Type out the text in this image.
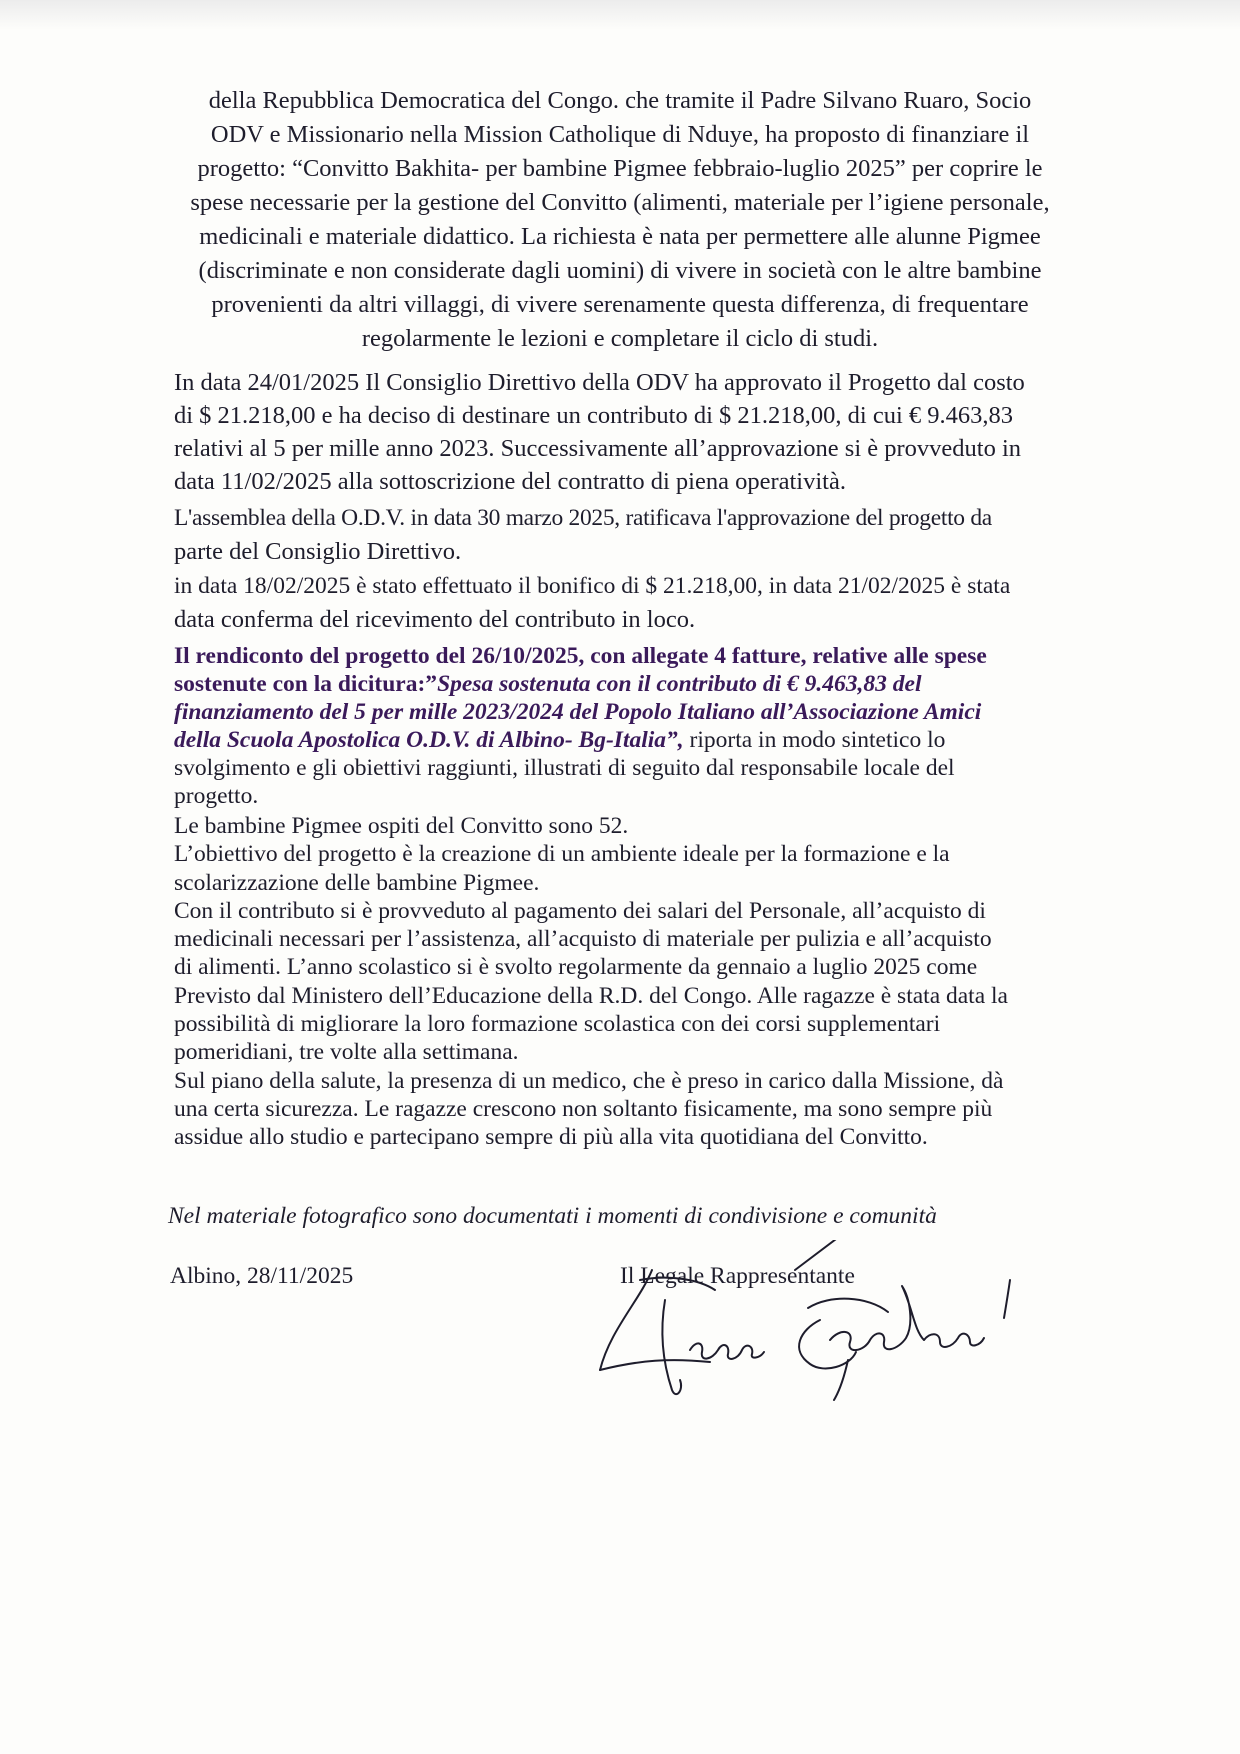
della Repubblica Democratica del Congo. che tramite il Padre Silvano Ruaro, Socio
ODV e Missionario nella Mission Catholique di Nduye, ha proposto di finanziare il
progetto: “Convitto Bakhita- per bambine Pigmee febbraio-luglio 2025” per coprire le
spese necessarie per la gestione del Convitto (alimenti, materiale per l’igiene personale,
medicinali e materiale didattico. La richiesta è nata per permettere alle alunne Pigmee
(discriminate e non considerate dagli uomini) di vivere in società con le altre bambine
provenienti da altri villaggi, di vivere serenamente questa differenza, di frequentare
regolarmente le lezioni e completare il ciclo di studi.
In data 24/01/2025 Il Consiglio Direttivo della ODV ha approvato il Progetto dal costo
di $ 21.218,00 e ha deciso di destinare un contributo di $ 21.218,00, di cui € 9.463,83
relativi al 5 per mille anno 2023. Successivamente all’approvazione si è provveduto in
data 11/02/2025 alla sottoscrizione del contratto di piena operatività.
L'assemblea della O.D.V. in data 30 marzo 2025, ratificava l'approvazione del progetto da
parte del Consiglio Direttivo.
in data 18/02/2025 è stato effettuato il bonifico di $ 21.218,00, in data 21/02/2025 è stata
data conferma del ricevimento del contributo in loco.
Il rendiconto del progetto del 26/10/2025, con allegate 4 fatture, relative alle spese
sostenute con la dicitura:”Spesa sostenuta con il contributo di € 9.463,83 del
finanziamento del 5 per mille 2023/2024 del Popolo Italiano all’Associazione Amici
della Scuola Apostolica O.D.V. di Albino- Bg-Italia”, riporta in modo sintetico lo
svolgimento e gli obiettivi raggiunti, illustrati di seguito dal responsabile locale del
progetto.
Le bambine Pigmee ospiti del Convitto sono 52.
L’obiettivo del progetto è la creazione di un ambiente ideale per la formazione e la
scolarizzazione delle bambine Pigmee.
Con il contributo si è provveduto al pagamento dei salari del Personale, all’acquisto di
medicinali necessari per l’assistenza, all’acquisto di materiale per pulizia e all’acquisto
di alimenti. L’anno scolastico si è svolto regolarmente da gennaio a luglio 2025 come
Previsto dal Ministero dell’Educazione della R.D. del Congo. Alle ragazze è stata data la
possibilità di migliorare la loro formazione scolastica con dei corsi supplementari
pomeridiani, tre volte alla settimana.
Sul piano della salute, la presenza di un medico, che è preso in carico dalla Missione, dà
una certa sicurezza. Le ragazze crescono non soltanto fisicamente, ma sono sempre più
assidue allo studio e partecipano sempre di più alla vita quotidiana del Convitto.
Nel materiale fotografico sono documentati i momenti di condivisione e comunità
Albino, 28/11/2025	Il Legale Rappresentante
